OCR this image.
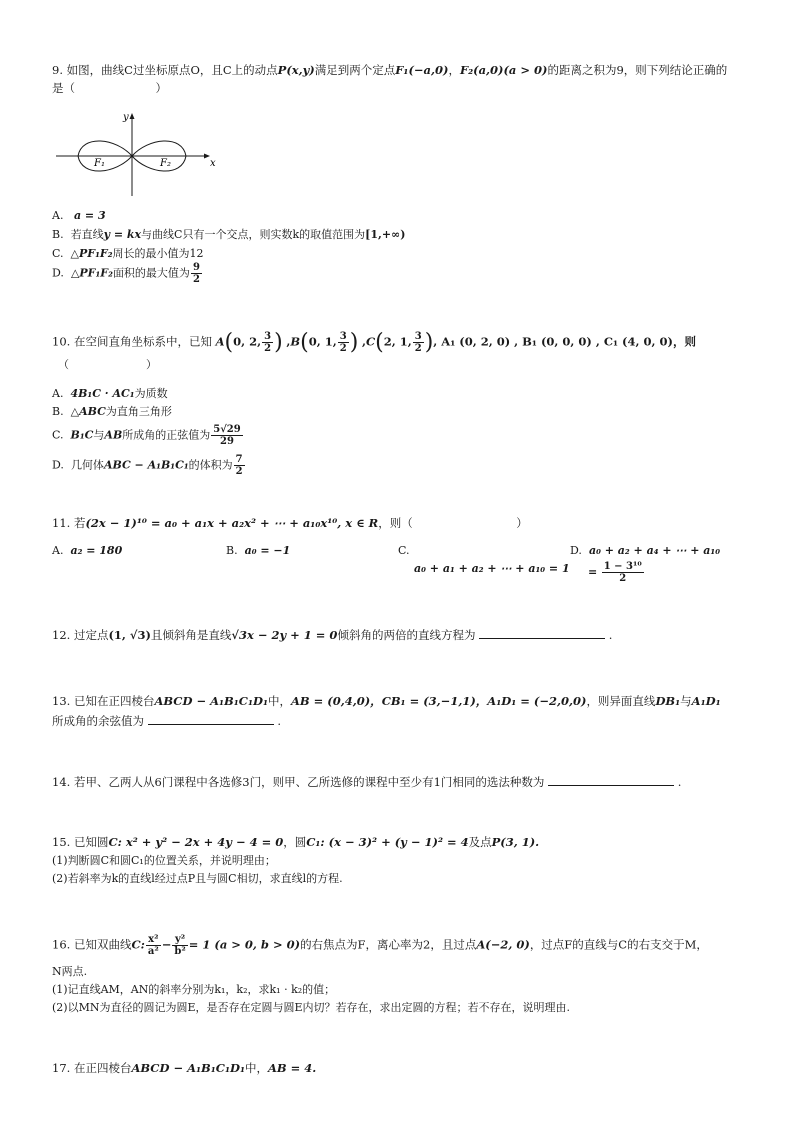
9. 如图，曲线C过坐标原点O，且C上的动点P(x,y)满足到两个定点F₁(−a,0)，F₂(a,0)(a > 0)的距离之积为9，则下列结论正确的
是（　　　　　　　）
x
y
F₁	F₂
A. a = 3
B. 若直线y = kx与曲线C只有一个交点，则实数k的取值范围为[1,+∞)
C. △PF₁F₂周长的最小值为12
D. △PF₁F₂面积的最大值为 $\frac{9}{2}$
10. 在空间直角坐标系中，已知 A(0, 2, $\frac{3}{2}$ ) ,B(0, 1, $\frac{3}{2}$ ) ,C(2, 1, $\frac{3}{2}$ ), A₁ (0, 2, 0) , B₁ (0, 0, 0) , C₁ (4, 0, 0)，则
（　　　　　　　）
A. 4B₁C · AC₁为质数
B. △ABC为直角三角形
C. B₁C与AB所成角的正弦值为 $\frac{5√29}{29}$
D. 几何体ABC − A₁B₁C₁的体积为 $\frac{7}{2}$
11. 若(2x − 1)¹⁰ = a₀ + a₁x + a₂x² + ⋯ + a₁₀x¹⁰, x ∈ R，则（　　　　　　　　　）
A. a₂ = 180	B. a₀ = −1	C.
a₀ + a₁ + a₂ + ⋯ + a₁₀ = 1
D. a₀ + a₂ + a₄ + ⋯ + a₁₀
= $\frac{\text{1 − 3¹⁰}}{2}$
12. 过定点(1, √3)且倾斜角是直线√3x − 2y + 1 = 0倾斜角的两倍的直线方程为	.
13. 已知在正四棱台ABCD − A₁B₁C₁D₁中，AB = (0,4,0)，CB₁ = (3,−1,1)，A₁D₁ = (−2,0,0)，则异面直线DB₁与A₁D₁
所成角的余弦值为	.
14. 若甲、乙两人从6门课程中各选修3门，则甲、乙所选修的课程中至少有1门相同的选法种数为	.
15. 已知圆C: x² + y² − 2x + 4y − 4 = 0，圆C₁: (x − 3)² + (y − 1)² = 4及点P(3, 1).
(1)判断圆C和圆C₁的位置关系，并说明理由；
(2)若斜率为k的直线l经过点P且与圆C相切，求直线l的方程.
16. 已知双曲线C: $\frac{\text{x²}}{\text{a²}} - \frac{\text{y²}}{\text{b²}} = 1$ (a > 0, b > 0)的右焦点为F，离心率为2，且过点A(−2, 0)，过点F的直线与C的右支交于M，
N两点.
(1)记直线AM，AN的斜率分别为k₁，k₂，求k₁ · k₂的值；
(2)以MN为直径的圆记为圆E，是否存在定圆与圆E内切？若存在，求出定圆的方程；若不存在，说明理由.
17. 在正四棱台ABCD − A₁B₁C₁D₁中，AB = 4.
